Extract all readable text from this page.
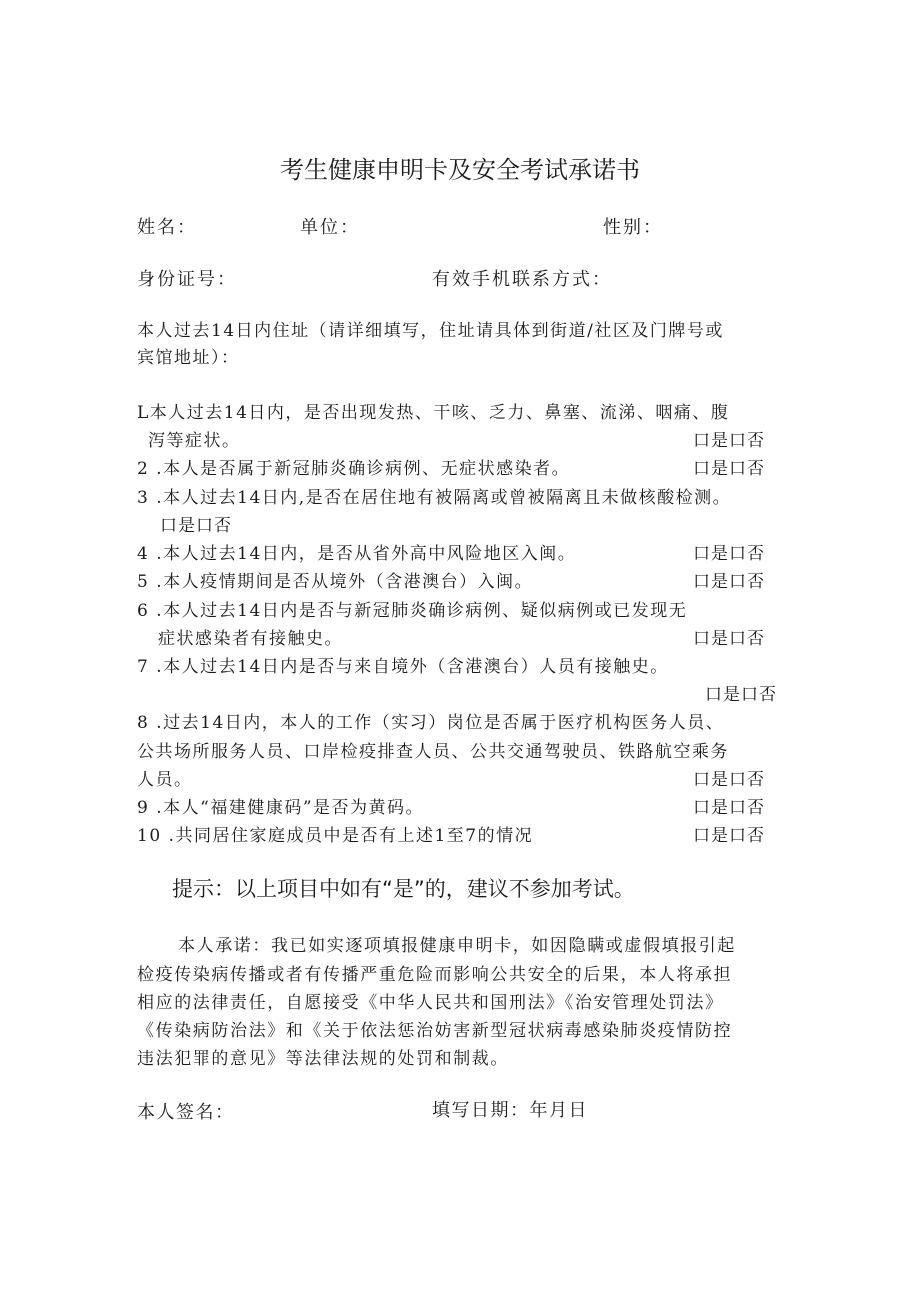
考生健康申明卡及安全考试承诺书
姓名：	单位：	性别：
身份证号：	有效手机联系方式：
本人过去14日内住址（请详细填写，住址请具体到街道/社区及门牌号或
宾馆地址）：
L本人过去14日内，是否出现发热、干咳、乏力、鼻塞、流涕、咽痛、腹
泻等症状。	口是口否
2 .本人是否属于新冠肺炎确诊病例、无症状感染者。	口是口否
3 .本人过去14日内,是否在居住地有被隔离或曾被隔离且未做核酸检测。
口是口否
4 .本人过去14日内，是否从省外高中风险地区入闽。	口是口否
5 .本人疫情期间是否从境外（含港澳台）入闽。	口是口否
6 .本人过去14日内是否与新冠肺炎确诊病例、疑似病例或已发现无
症状感染者有接触史。	口是口否
7 .本人过去14日内是否与来自境外（含港澳台）人员有接触史。
口是口否
8 .过去14日内，本人的工作（实习）岗位是否属于医疗机构医务人员、
公共场所服务人员、口岸检疫排查人员、公共交通驾驶员、铁路航空乘务
人员。	口是口否
9 .本人“福建健康码”是否为黄码。	口是口否
10 .共同居住家庭成员中是否有上述1至7的情况	口是口否
提示：以上项目中如有“是”的，建议不参加考试。
本人承诺：我已如实逐项填报健康申明卡，如因隐瞒或虚假填报引起
检疫传染病传播或者有传播严重危险而影响公共安全的后果，本人将承担
相应的法律责任，自愿接受《中华人民共和国刑法》《治安管理处罚法》
《传染病防治法》和《关于依法惩治妨害新型冠状病毒感染肺炎疫情防控
违法犯罪的意见》等法律法规的处罚和制裁。
本人签名：	填写日期：年月日
